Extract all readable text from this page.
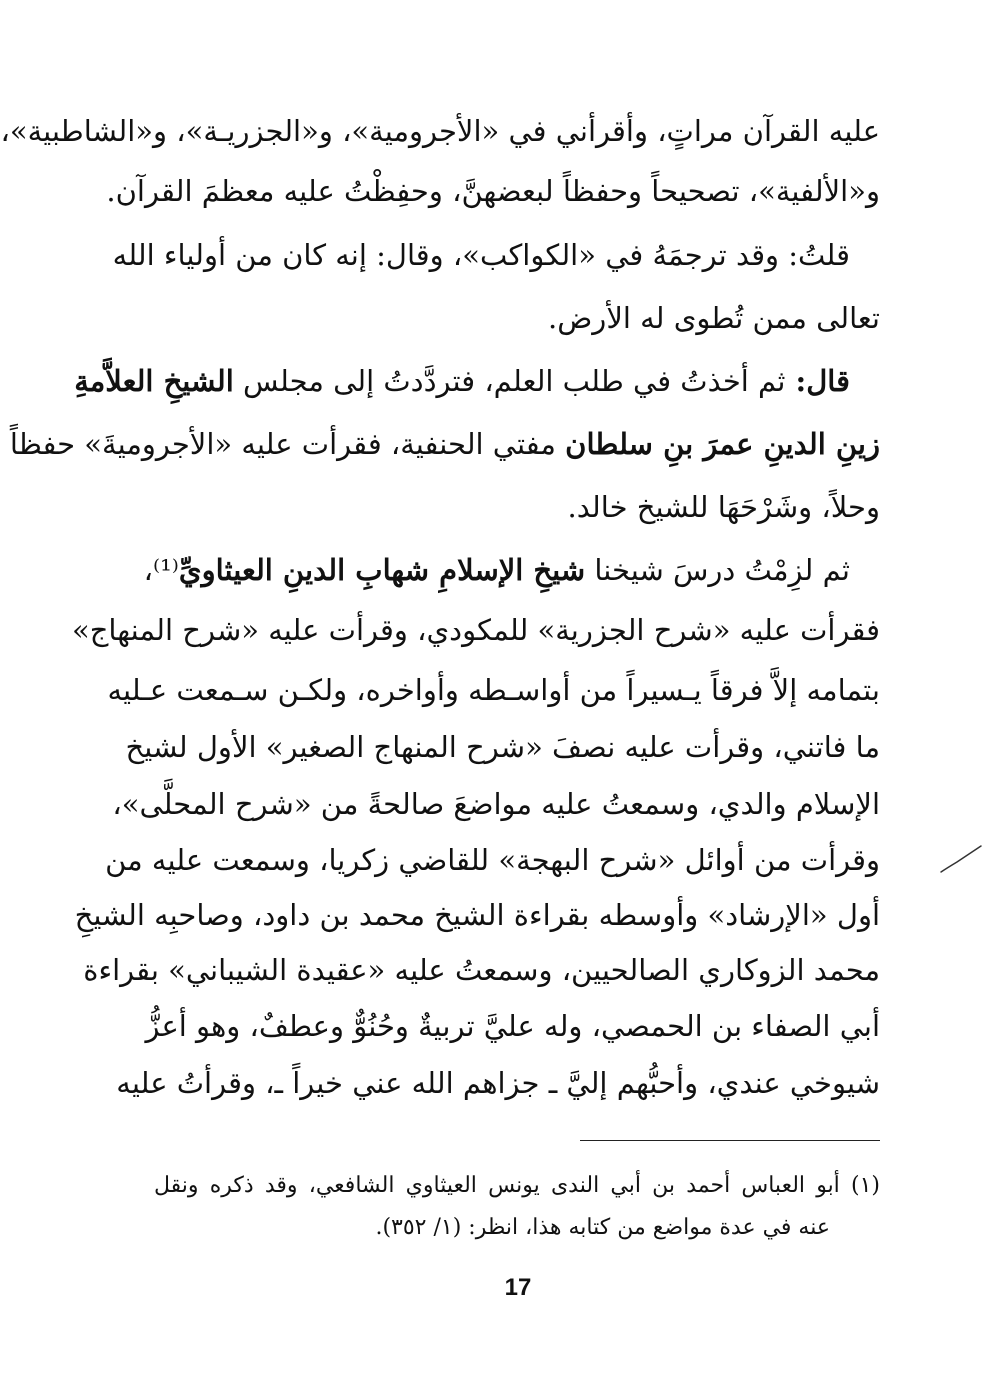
عليه القرآن مراتٍ، وأقرأني في «الأجرومية»، و«الجزريـة»، و«الشاطبية»،
و«الألفية»، تصحيحاً وحفظاً لبعضهنَّ، وحفِظْتُ عليه معظمَ القرآن.
قلتُ: وقد ترجمَهُ في «الكواكب»، وقال: إنه كان من أولياء الله
تعالى ممن تُطوى له الأرض.
قال: ثم أخذتُ في طلب العلم، فتردَّدتُ إلى مجلس الشيخِ العلاَّمةِ
زينِ الدينِ عمرَ بنِ سلطان مفتي الحنفية، فقرأت عليه «الأجروميةَ» حفظاً
وحلاً، وشَرْحَهَا للشيخ خالد.
ثم لزِمْتُ درسَ شيخنا شيخِ الإسلامِ شهابِ الدينِ العيثاويِّ⁽¹⁾،
فقرأت عليه «شرح الجزرية» للمكودي، وقرأت عليه «شرح المنهاج»
بتمامه إلاَّ فرقاً يـسيراً من أواسـطه وأواخره، ولكـن سـمعت عـليه
ما فاتني، وقرأت عليه نصفَ «شرح المنهاج الصغير» الأول لشيخ
الإسلام والدي، وسمعتُ عليه مواضعَ صالحةً من «شرح المحلَّى»،
وقرأت من أوائل «شرح البهجة» للقاضي زكريا، وسمعت عليه من
أول «الإرشاد» وأوسطه بقراءة الشيخ محمد بن داود، وصاحبِه الشيخِ
محمد الزوكاري الصالحيين، وسمعتُ عليه «عقيدة الشيباني» بقراءة
أبي الصفاء بن الحمصي، وله عليَّ تربيةٌ وحُنُوٌّ وعطفٌ، وهو أعزُّ
شيوخي عندي، وأحبُّهم إليَّ ـ جزاهم الله عني خيراً ـ، وقرأتُ عليه
(١) أبو العباس أحمد بن أبي الندى يونس العيثاوي الشافعي، وقد ذكره ونقل
عنه في عدة مواضع من كتابه هذا، انظر: (١/ ٣٥٢).
17
